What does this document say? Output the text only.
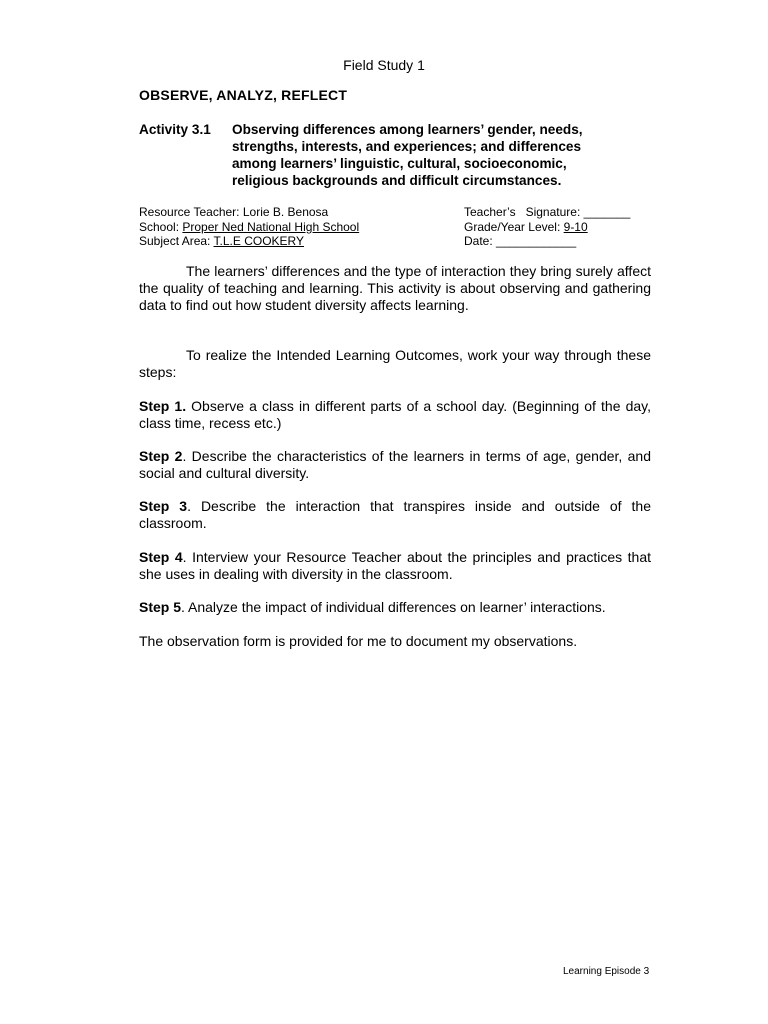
Field Study 1
OBSERVE, ANALYZ, REFLECT
Activity 3.1 Observing differences among learners’ gender, needs,
strengths, interests, and experiences; and differences
among learners’ linguistic, cultural, socioeconomic,
religious backgrounds and difficult circumstances.
Resource Teacher: Lorie B. Benosa
School: Proper Ned National High School
Subject Area: T.L.E COOKERY
Teacher’s   Signature: _______
Grade/Year Level: 9-10
Date: ____________
The learners’ differences and the type of interaction they bring surely affect the quality of teaching and learning. This activity is about observing and gathering data to find out how student diversity affects learning.
To realize the Intended Learning Outcomes, work your way through these steps:
Step 1. Observe a class in different parts of a school day. (Beginning of the day, class time, recess etc.)
Step 2. Describe the characteristics of the learners in terms of age, gender, and social and cultural diversity.
Step 3. Describe the interaction that transpires inside and outside of the classroom.
Step 4. Interview your Resource Teacher about the principles and practices that she uses in dealing with diversity in the classroom.
Step 5. Analyze the impact of individual differences on learner’ interactions.
The observation form is provided for me to document my observations.
Learning Episode 3
